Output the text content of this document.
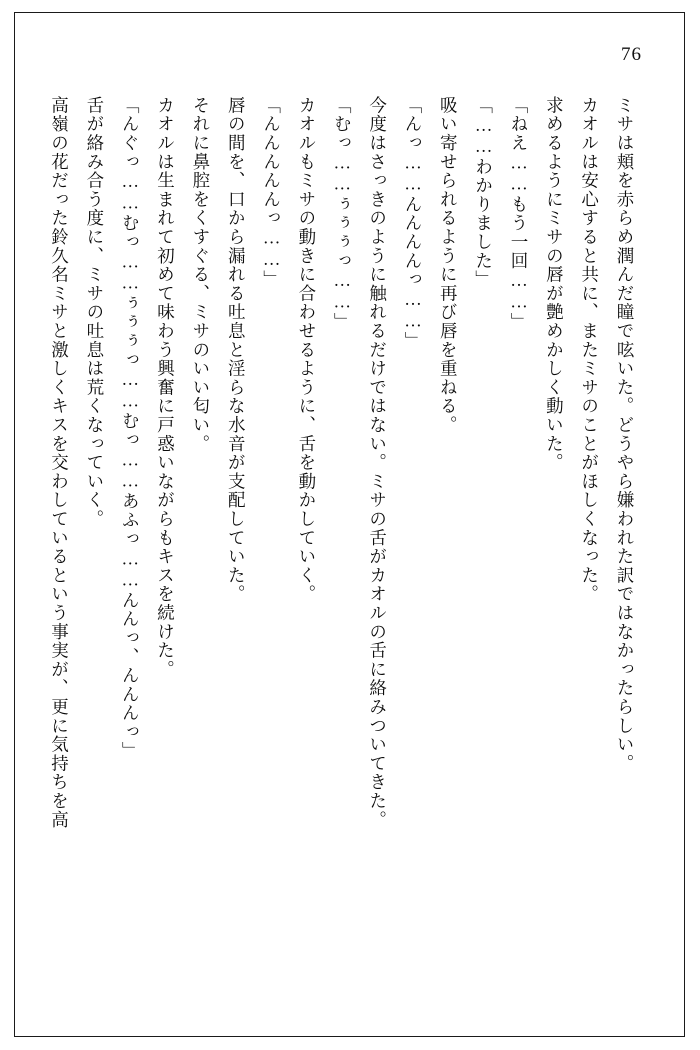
76

ミサは頬を赤らめ潤んだ瞳で呟いた。どうやら嫌われた訳ではなかったらしい。

カオルは安心すると共に、またミサのことがほしくなった。

求めるようにミサの唇が艶めかしく動いた。

「ねえ……もう一回……」

「……わかりました」

吸い寄せられるように再び唇を重ねる。

「んっ……んんんんっ……」

今度はさっきのように触れるだけではない。ミサの舌がカオルの舌に絡みついてきた。

「むっ……ぅぅぅっ……」

カオルもミサの動きに合わせるように、舌を動かしていく。

「んんんんんっ……」

唇の間を、口から漏れる吐息と淫らな水音が支配していた。

それに鼻腔をくすぐる、ミサのいい匂い。

カオルは生まれて初めて味わう興奮に戸惑いながらもキスを続けた。

「んぐっ……むっ……ぅぅぅっ……むっ……あふっ……んんっ、んんんっ」

舌が絡み合う度に、ミサの吐息は荒くなっていく。

高嶺の花だった鈴久名ミサと激しくキスを交わしているという事実が、更に気持ちを高
